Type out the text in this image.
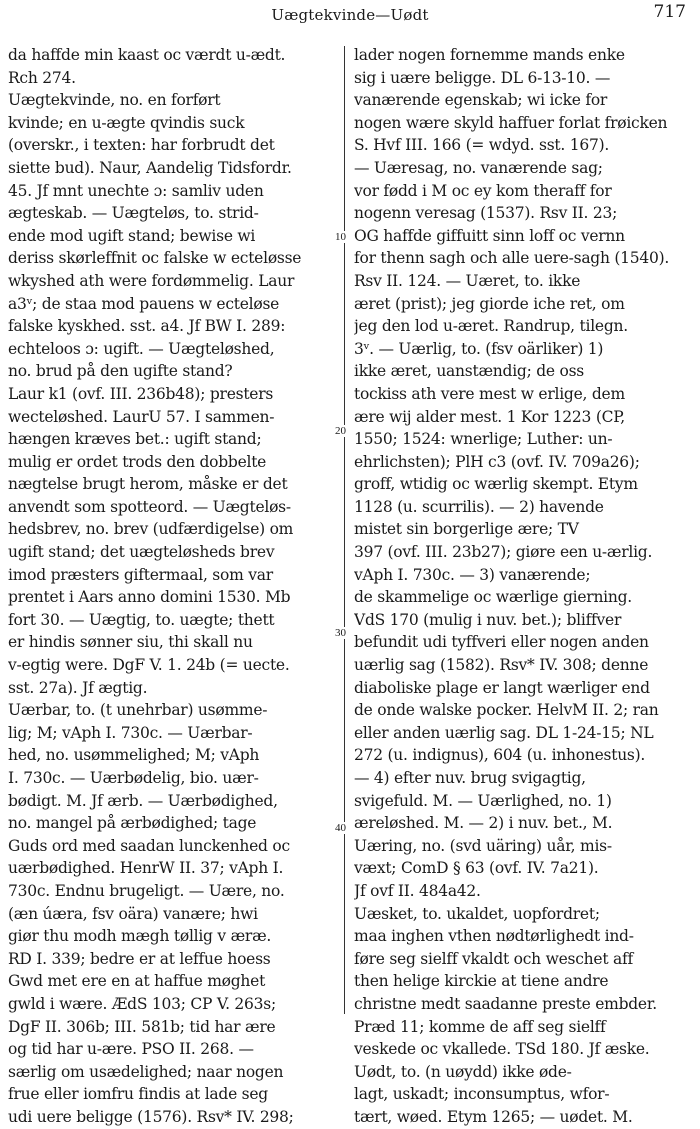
Uægtekvinde—Uødt	717
da haffde min kaast oc værdt u-ædt.
Rch 274.
Uægtekvinde, no. en forført
kvinde; en u-ægte qvindis suck
(overskr., i texten: har forbrudt det
siette bud). Naur, Aandelig Tidsfordr.
45. Jf mnt unechte ɔ: samliv uden
ægteskab. — Uægteløs, to. strid-
ende mod ugift stand; bewise wi
deriss skørleffnit oc falske w ecteløsse
wkyshed ath were fordømmelig. Laur
a3ᵛ; de staa mod pauens w ecteløse
falske kyskhed. sst. a4. Jf BW I. 289:
echteloos ɔ: ugift. — Uægteløshed,
no. brud på den ugifte stand?
Laur k1 (ovf. III. 236b48); presters
wecteløshed. LaurU 57. I sammen-
hængen kræves bet.: ugift stand;
mulig er ordet trods den dobbelte
nægtelse brugt herom, måske er det
anvendt som spotteord. — Uægteløs-
hedsbrev, no. brev (udfærdigelse) om
ugift stand; det uægteløsheds brev
imod præsters giftermaal, som var
prentet i Aars anno domini 1530. Mb
fort 30. — Uægtig, to. uægte; thett
er hindis sønner siu, thi skall nu
v-egtig were. DgF V. 1. 24b (= uecte.
sst. 27a). Jf ægtig.
Uærbar, to. (t unehrbar) usømme-
lig; M; vAph I. 730c. — Uærbar-
hed, no. usømmelighed; M; vAph
I. 730c. — Uærbødelig, bio. uær-
bødigt. M. Jf ærb. — Uærbødighed,
no. mangel på ærbødighed; tage
Guds ord med saadan lunckenhed oc
uærbødighed. HenrW II. 37; vAph I.
730c. Endnu brugeligt. — Uære, no.
(æn úæra, fsv oära) vanære; hwi
giør thu modh mægh tøllig v æræ.
RD I. 339; bedre er at leffue hoess
Gwd met ere en at haffue møghet
gwld i wære. ÆdS 103; CP V. 263s;
DgF II. 306b; III. 581b; tid har ære
og tid har u-ære. PSO II. 268. —
særlig om usædelighed; naar nogen
frue eller iomfru findis at lade seg
udi uere beligge (1576). Rsv* IV. 298;
lader nogen fornemme mands enke
sig i uære beligge. DL 6-13-10. —
vanærende egenskab; wi icke for
nogen wære skyld haffuer forlat frøicken
S. Hvf III. 166 (= wdyd. sst. 167).
— Uæresag, no. vanærende sag;
vor fødd i M oc ey kom theraff for
nogenn veresag (1537). Rsv II. 23;
OG haffde giffuitt sinn loff oc vernn
for thenn sagh och alle uere-sagh (1540).
Rsv II. 124. — Uæret, to. ikke
æret (prist); jeg giorde iche ret, om
jeg den lod u-æret. Randrup, tilegn.
3ᵛ. — Uærlig, to. (fsv oärliker) 1)
ikke æret, uanstændig; de oss
tockiss ath vere mest w erlige, dem
ære wij alder mest. 1 Kor 1223 (CP,
1550; 1524: wnerlige; Luther: un-
ehrlichsten); PlH c3 (ovf. IV. 709a26);
groff, wtidig oc wærlig skempt. Etym
1128 (u. scurrilis). — 2) havende
mistet sin borgerlige ære; TV
397 (ovf. III. 23b27); giøre een u-ærlig.
vAph I. 730c. — 3) vanærende;
de skammelige oc wærlige gierning.
VdS 170 (mulig i nuv. bet.); bliffver
befundit udi tyffveri eller nogen anden
uærlig sag (1582). Rsv* IV. 308; denne
diaboliske plage er langt wærliger end
de onde walske pocker. HelvM II. 2; ran
eller anden uærlig sag. DL 1-24-15; NL
272 (u. indignus), 604 (u. inhonestus).
— 4) efter nuv. brug svigagtig,
svigefuld. M. — Uærlighed, no. 1)
æreløshed. M. — 2) i nuv. bet., M.
Uæring, no. (svd uäring) uår, mis-
væxt; ComD § 63 (ovf. IV. 7a21).
Jf ovf II. 484a42.
Uæsket, to. ukaldet, uopfordret;
maa inghen vthen nødtørlighedt ind-
føre seg sielff vkaldt och weschet aff
then helige kirckie at tiene andre
christne medt saadanne preste embder.
Præd 11; komme de aff seg sielff
veskede oc vkallede. TSd 180. Jf æske.
Uødt, to. (n uøydd) ikke øde-
lagt, uskadt; inconsumptus, wfor-
tært, wøed. Etym 1265; — uødet. M.
10
20
30
40
